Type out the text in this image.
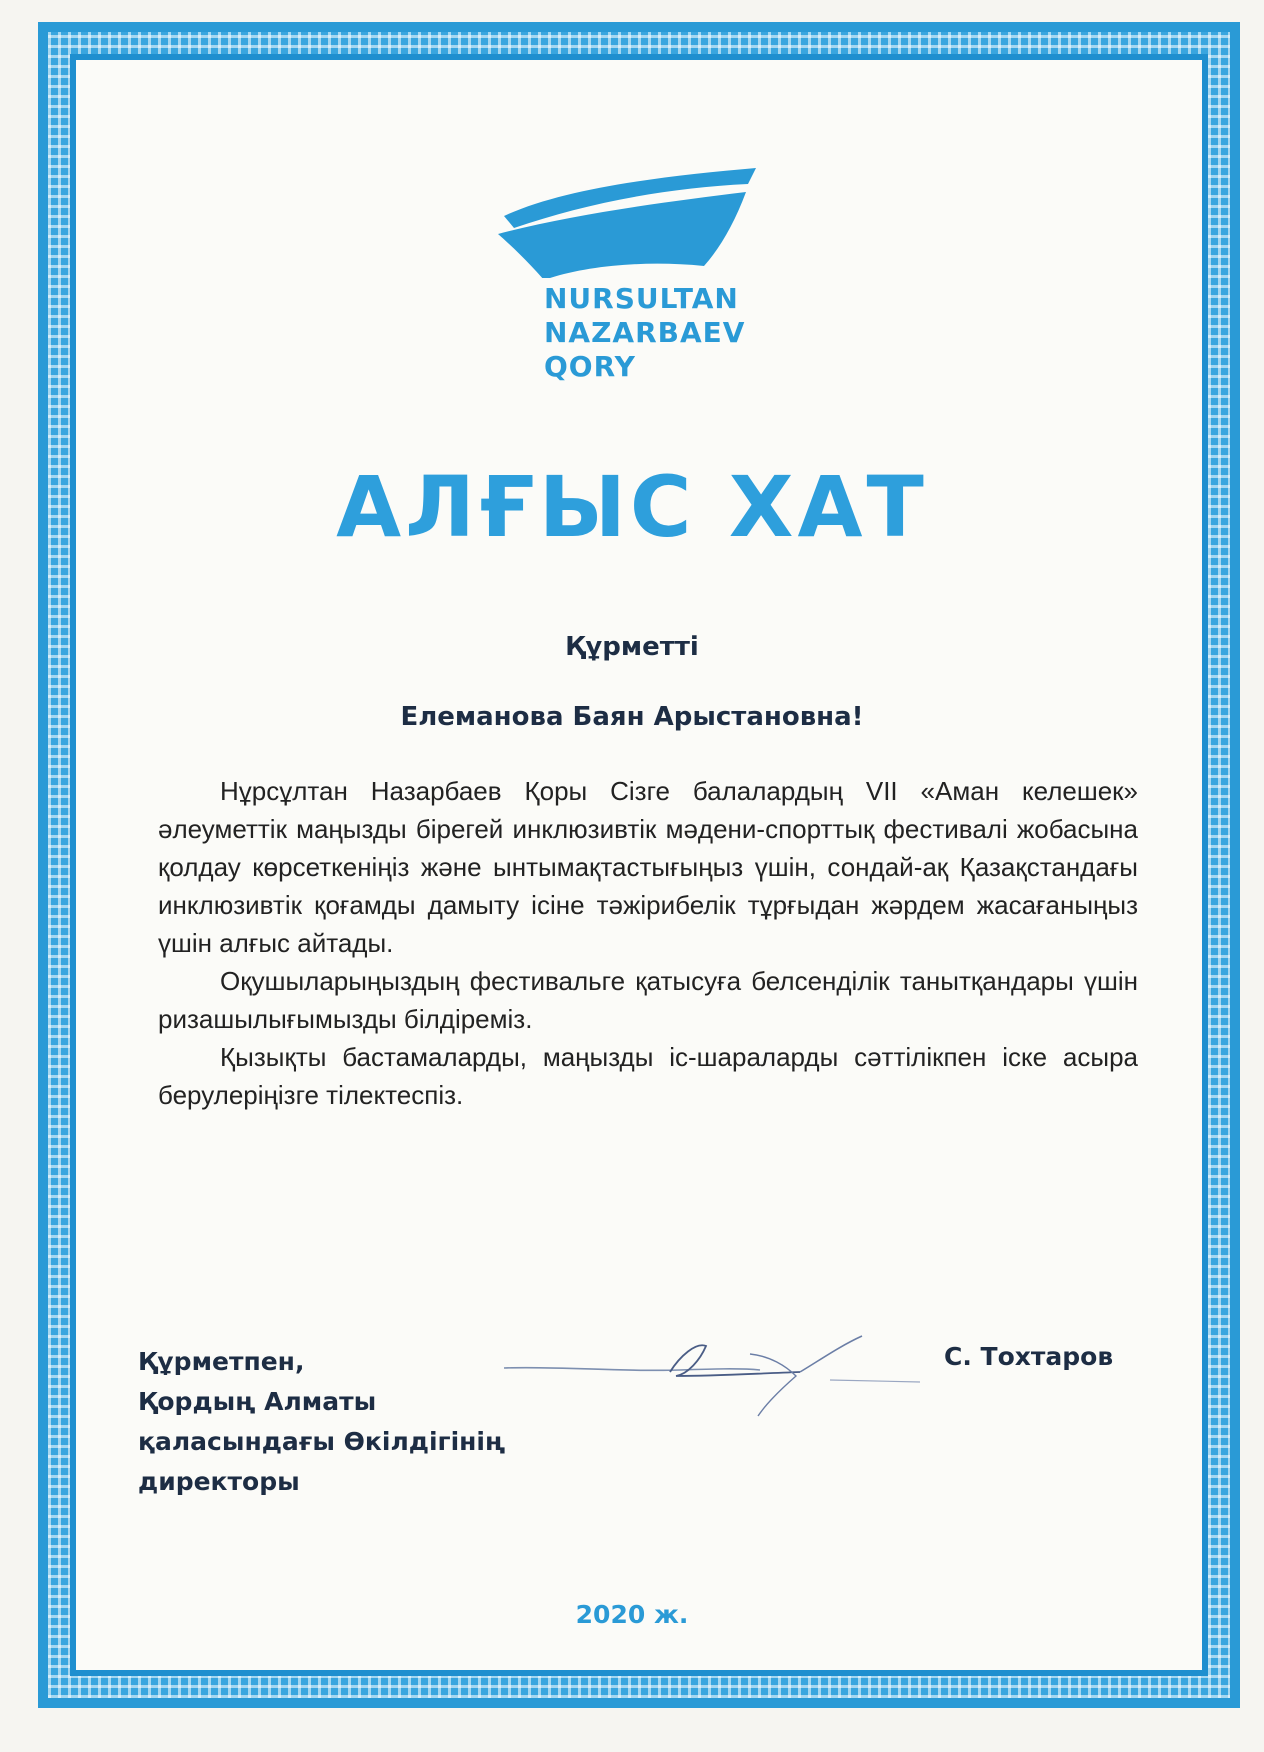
NURSULTAN
NAZARBAEV
QORY
АЛҒЫС ХАТ
Құрметті
Елеманова Баян Арыстановна!

Нұрсұлтан Назарбаев Қоры Сізге балалардың VII «Аман келешек» әлеуметтік маңызды бірегей инклюзивтік мәдени-спорттық фестивалі жобасына қолдау көрсеткеніңіз және ынтымақтастығыңыз үшін, сондай-ақ Қазақстандағы инклюзивтік қоғамды дамыту ісіне тәжірибелік тұрғыдан жәрдем жасағаныңыз үшін алғыс айтады.

Оқушыларыңыздың фестивальге қатысуға белсенділік танытқандары үшін ризашылығымызды білдіреміз.

Қызықты бастамаларды, маңызды іс-шараларды сәттілікпен іске асыра берулеріңізге тілектеспіз.

Құрметпен,
Қордың Алматы
қаласындағы Өкілдігінің
директоры
С. Тохтаров
2020 ж.
